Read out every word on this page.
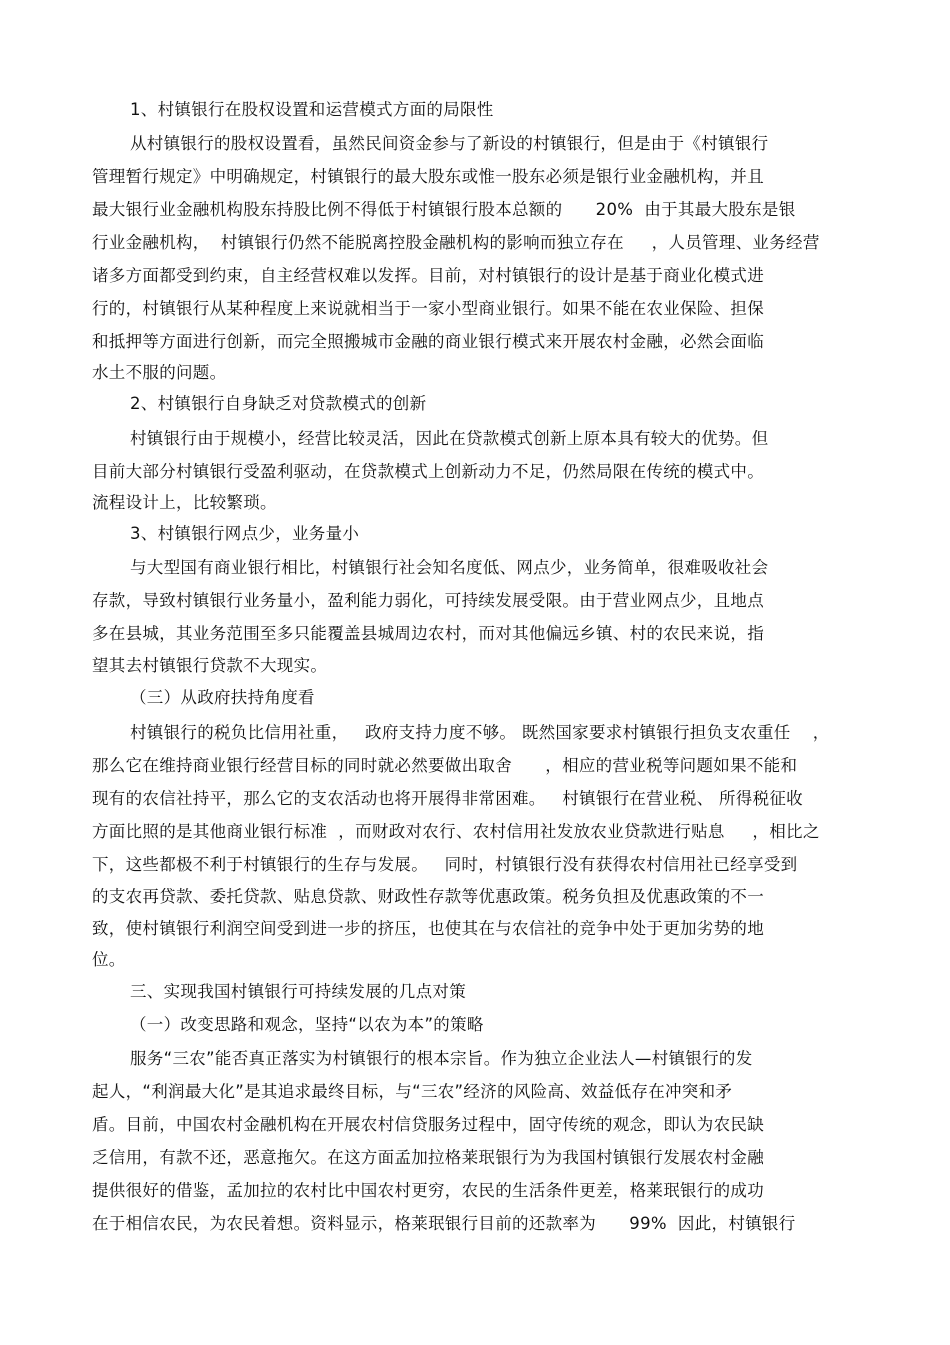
1、村镇银行在股权设置和运营模式方面的局限性
从村镇银行的股权设置看，虽然民间资金参与了新设的村镇银行，但是由于《村镇银行
管理暂行规定》中明确规定，村镇银行的最大股东或惟一股东必须是银行业金融机构，并且
最大银行业金融机构股东持股比例不得低于村镇银行股本总额的      20%  由于其最大股东是银
行业金融机构，  村镇银行仍然不能脱离控股金融机构的影响而独立存在     ，人员管理、业务经营
诸多方面都受到约束，自主经营权难以发挥。目前，对村镇银行的设计是基于商业化模式进
行的，村镇银行从某种程度上来说就相当于一家小型商业银行。如果不能在农业保险、担保
和抵押等方面进行创新，而完全照搬城市金融的商业银行模式来开展农村金融，必然会面临
水土不服的问题。
2、村镇银行自身缺乏对贷款模式的创新
村镇银行由于规模小，经营比较灵活，因此在贷款模式创新上原本具有较大的优势。但
目前大部分村镇银行受盈利驱动，在贷款模式上创新动力不足，仍然局限在传统的模式中。
流程设计上，比较繁琐。
3、村镇银行网点少，业务量小
与大型国有商业银行相比，村镇银行社会知名度低、网点少，业务简单，很难吸收社会
存款，导致村镇银行业务量小，盈利能力弱化，可持续发展受限。由于营业网点少，且地点
多在县城，其业务范围至多只能覆盖县城周边农村，而对其他偏远乡镇、村的农民来说，指
望其去村镇银行贷款不大现实。
（三）从政府扶持角度看
村镇银行的税负比信用社重，   政府支持力度不够。 既然国家要求村镇银行担负支农重任    ，
那么它在维持商业银行经营目标的同时就必然要做出取舍      ，相应的营业税等问题如果不能和
现有的农信社持平，那么它的支农活动也将开展得非常困难。   村镇银行在营业税、 所得税征收
方面比照的是其他商业银行标准  ，而财政对农行、农村信用社发放农业贷款进行贴息     ，相比之
下，这些都极不利于村镇银行的生存与发展。   同时，村镇银行没有获得农村信用社已经享受到
的支农再贷款、委托贷款、贴息贷款、财政性存款等优惠政策。税务负担及优惠政策的不一
致，使村镇银行利润空间受到进一步的挤压，也使其在与农信社的竞争中处于更加劣势的地
位。
三、实现我国村镇银行可持续发展的几点对策
（一）改变思路和观念，坚持“以农为本”的策略
服务“三农”能否真正落实为村镇银行的根本宗旨。作为独立企业法人—村镇银行的发
起人，“利润最大化”是其追求最终目标，与“三农”经济的风险高、效益低存在冲突和矛
盾。目前，中国农村金融机构在开展农村信贷服务过程中，固守传统的观念，即认为农民缺
乏信用，有款不还，恶意拖欠。在这方面孟加拉格莱珉银行为为我国村镇银行发展农村金融
提供很好的借鉴，孟加拉的农村比中国农村更穷，农民的生活条件更差，格莱珉银行的成功
在于相信农民，为农民着想。资料显示，格莱珉银行目前的还款率为      99%  因此，村镇银行
